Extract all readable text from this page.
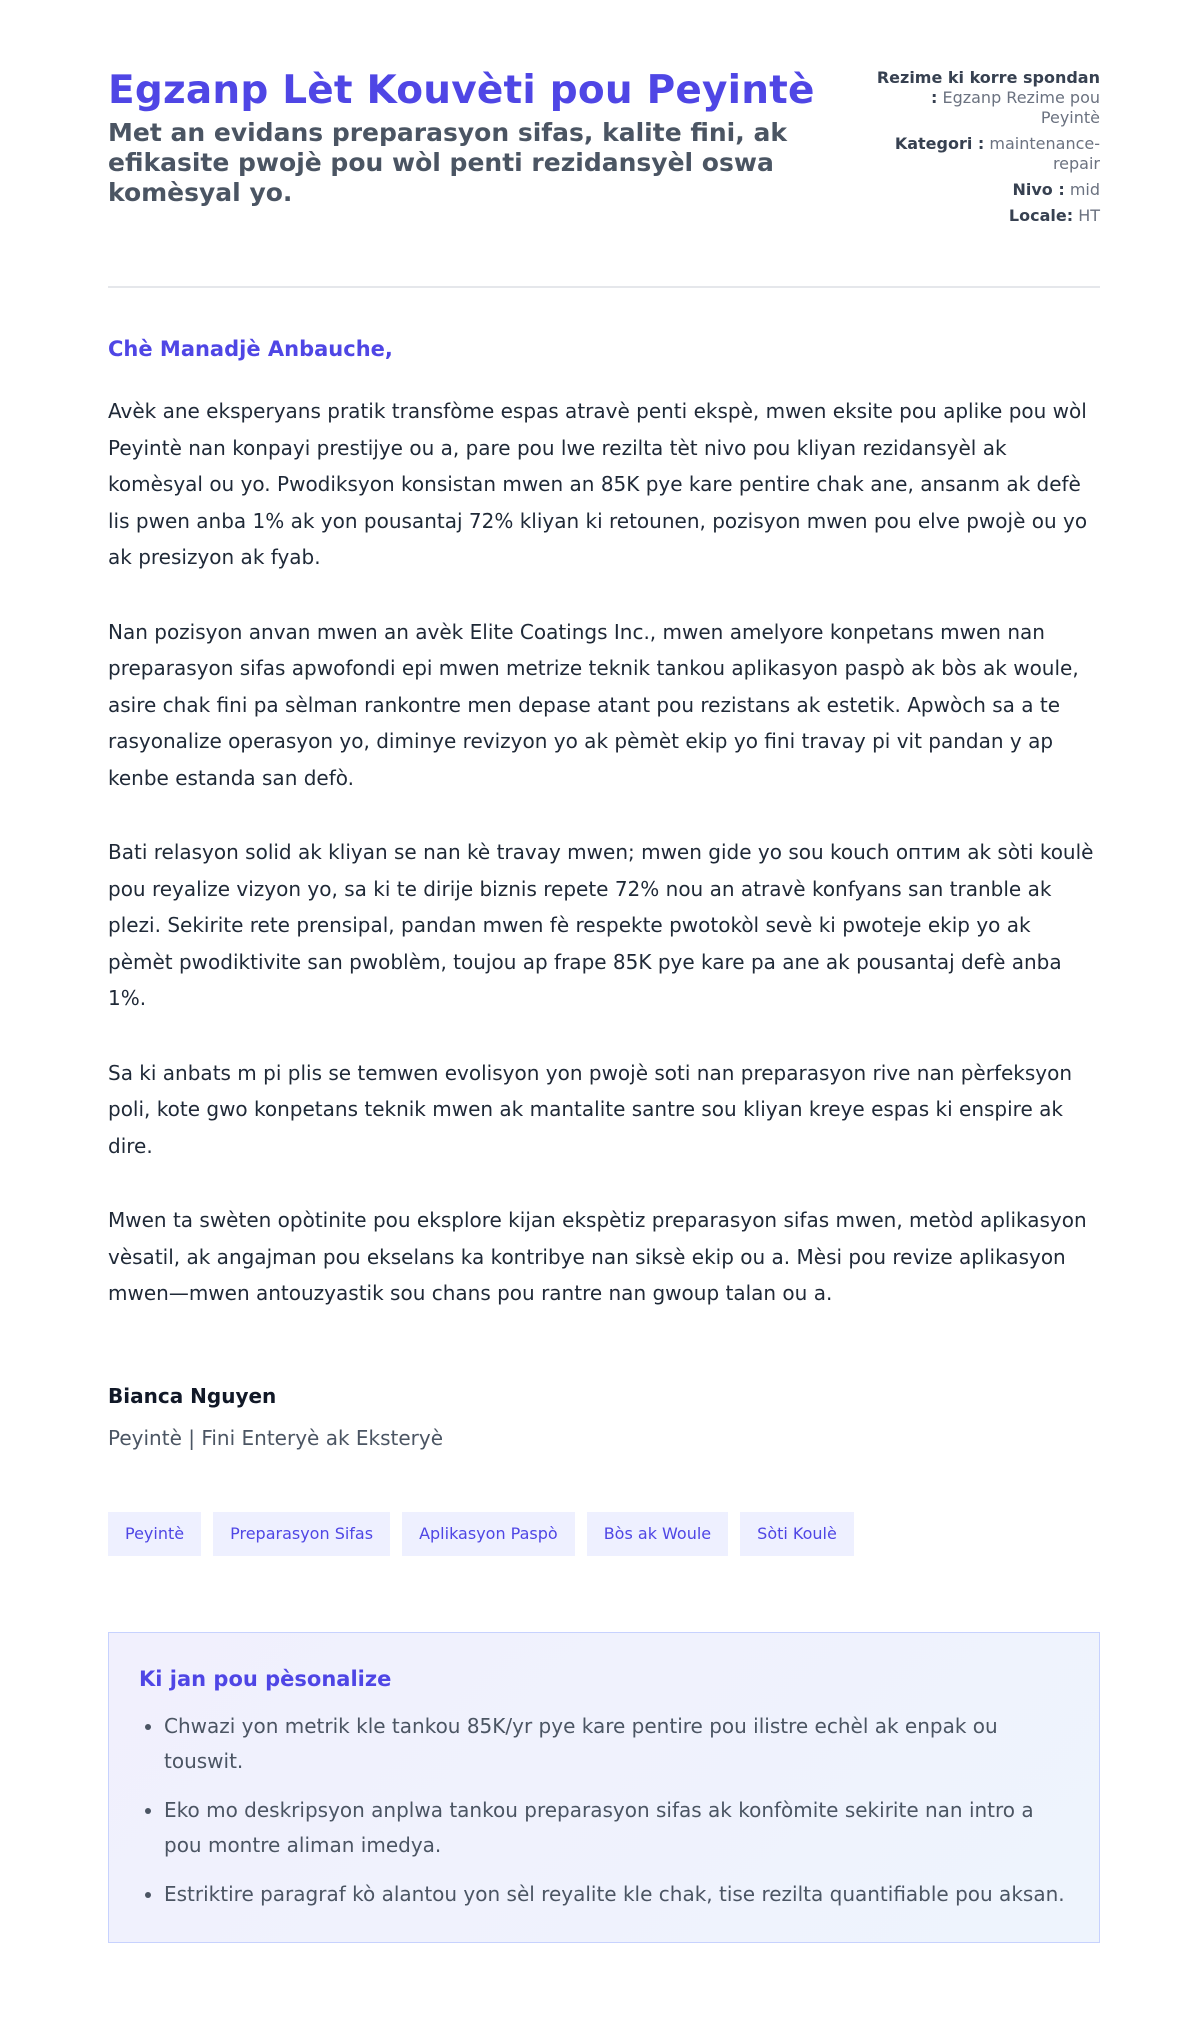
Egzanp Lèt Kouvèti pou Peyintè

Met an evidans preparasyon sifas, kalite fini, ak efikasite pwojè pou wòl penti rezidansyèl oswa komèsyal yo.

Rezime ki korre spondan : Egzanp Rezime pou Peyintè
Kategori : maintenance-repair
Nivo : mid
Locale: HT
Chè Manadjè Anbauche,

Avèk ane eksperyans pratik transfòme espas atravè penti ekspè, mwen eksite pou aplike pou wòl Peyintè nan konpayi prestijye ou a, pare pou lwe rezilta tèt nivo pou kliyan rezidansyèl ak komèsyal ou yo. Pwodiksyon konsistan mwen an 85K pye kare pentire chak ane, ansanm ak defè lis pwen anba 1% ak yon pousantaj 72% kliyan ki retounen, pozisyon mwen pou elve pwojè ou yo ak presizyon ak fyab.

Nan pozisyon anvan mwen an avèk Elite Coatings Inc., mwen amelyore konpetans mwen nan preparasyon sifas apwofondi epi mwen metrize teknik tankou aplikasyon paspò ak bòs ak woule, asire chak fini pa sèlman rankontre men depase atant pou rezistans ak estetik. Apwòch sa a te rasyonalize operasyon yo, diminye revizyon yo ak pèmèt ekip yo fini travay pi vit pandan y ap kenbe estanda san defò.

Bati relasyon solid ak kliyan se nan kè travay mwen; mwen gide yo sou kouch оптим ak sòti koulè pou reyalize vizyon yo, sa ki te dirije biznis repete 72% nou an atravè konfyans san tranble ak plezi. Sekirite rete prensipal, pandan mwen fè respekte pwotokòl sevè ki pwoteje ekip yo ak pèmèt pwodiktivite san pwoblèm, toujou ap frape 85K pye kare pa ane ak pousantaj defè anba 1%.

Sa ki anbats m pi plis se temwen evolisyon yon pwojè soti nan preparasyon rive nan pèrfeksyon poli, kote gwo konpetans teknik mwen ak mantalite santre sou kliyan kreye espas ki enspire ak dire.

Mwen ta swèten opòtinite pou eksplore kijan ekspètiz preparasyon sifas mwen, metòd aplikasyon vèsatil, ak angajman pou ekselans ka kontribye nan siksè ekip ou a. Mèsi pou revize aplikasyon mwen—mwen antouzyastik sou chans pou rantre nan gwoup talan ou a.

Bianca Nguyen
Peyintè | Fini Enteryè ak Eksteryè
Peyintè	Preparasyon Sifas	Aplikasyon Paspò	Bòs ak Woule	Sòti Koulè
Ki jan pou pèsonalize
• Chwazi yon metrik kle tankou 85K/yr pye kare pentire pou ilistre echèl ak enpak ou touswit.
• Eko mo deskripsyon anplwa tankou preparasyon sifas ak konfòmite sekirite nan intro a pou montre aliman imedya.
• Estriktire paragraf kò alantou yon sèl reyalite kle chak, tise rezilta quantifiable pou aksan.
